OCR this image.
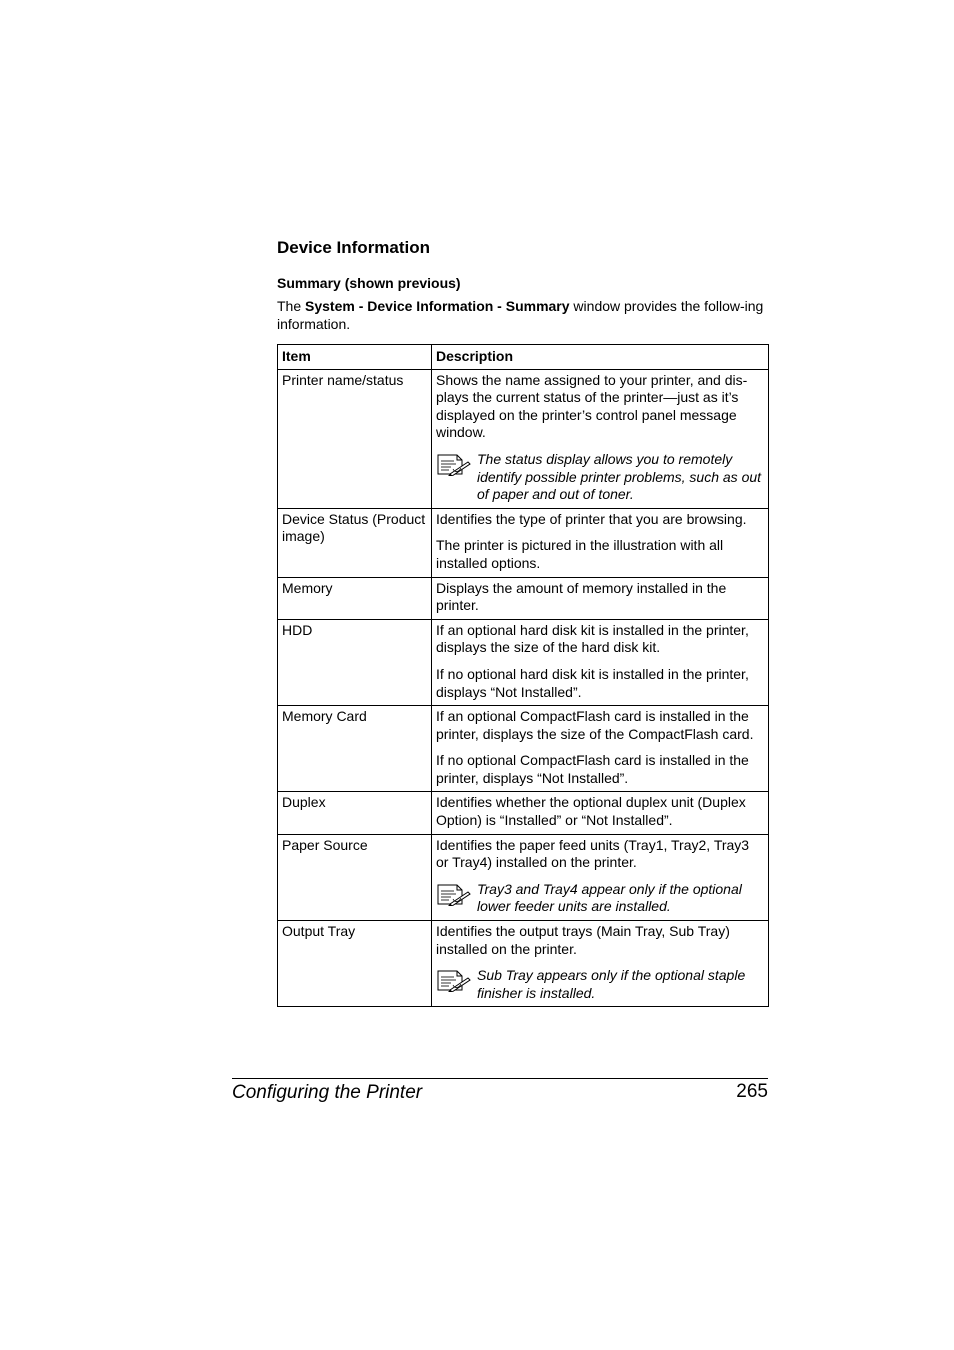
Device Information
Summary (shown previous)

The System - Device Information - Summary window provides the follow-ing information.

Item	Description
Printer name/status	Shows the name assigned to your printer, and dis-plays the current status of the printer—just as it’s displayed on the printer’s control panel message window.

The status display allows you to remotely identify possible printer problems, such as out of paper and out of toner.

Device Status (Product image)	Identifies the type of printer that you are browsing.

The printer is pictured in the illustration with all installed options.

Memory	Displays the amount of memory installed in the printer.

HDD	If an optional hard disk kit is installed in the printer, displays the size of the hard disk kit.

If no optional hard disk kit is installed in the printer, displays “Not Installed”.

Memory Card	If an optional CompactFlash card is installed in the printer, displays the size of the CompactFlash card.

If no optional CompactFlash card is installed in the printer, displays “Not Installed”.

Duplex	Identifies whether the optional duplex unit (Duplex Option) is “Installed” or “Not Installed”.

Paper Source	Identifies the paper feed units (Tray1, Tray2, Tray3 or Tray4) installed on the printer.

Tray3 and Tray4 appear only if the optional lower feeder units are installed.

Output Tray	Identifies the output trays (Main Tray, Sub Tray) installed on the printer.

Sub Tray appears only if the optional staple finisher is installed.
Configuring the Printer	265
